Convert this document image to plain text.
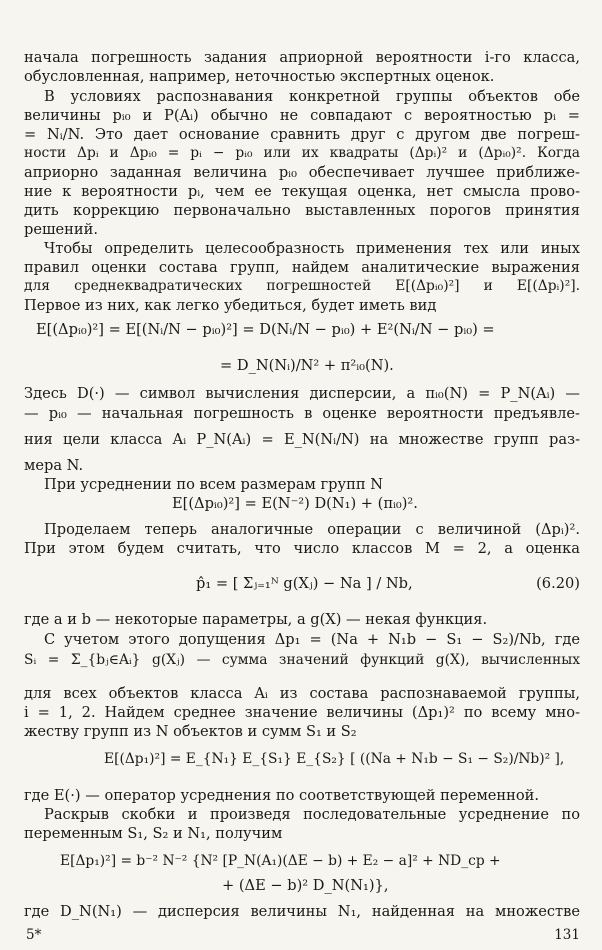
начала погрешность задания априорной вероятности i-го класса,
обусловленная, например, неточностью экспертных оценок.
В условиях распознавания конкретной группы объектов обе
величины pᵢ₀ и P(Aᵢ) обычно не совпадают с вероятностью pᵢ =
= Nᵢ/N. Это дает основание сравнить друг с другом две погреш-
ности Δpᵢ и Δpᵢ₀ = pᵢ − pᵢ₀ или их квадраты (Δpᵢ)² и (Δpᵢ₀)². Когда
априорно заданная величина pᵢ₀ обеспечивает лучшее приближе-
ние к вероятности pᵢ, чем ее текущая оценка, нет смысла прово-
дить коррекцию первоначально выставленных порогов принятия
решений.
Чтобы определить целесообразность применения тех или иных
правил оценки состава групп, найдем аналитические выражения
для среднеквадратических погрешностей E[(Δpᵢ₀)²] и E[(Δpᵢ)²].
Первое из них, как легко убедиться, будет иметь вид
E[(Δpᵢ₀)²] = E[(Nᵢ/N − pᵢ₀)²] = D(Nᵢ/N − pᵢ₀) + E²(Nᵢ/N − pᵢ₀) =
= D_N(Nᵢ)/N² + π²ᵢ₀(N).
Здесь D(·) — символ вычисления дисперсии, а πᵢ₀(N) = P_N(Aᵢ) —
— pᵢ₀ — начальная погрешность в оценке вероятности предъявле-
ния цели класса Aᵢ P_N(Aᵢ) = E_N(Nᵢ/N) на множестве групп раз-
мера N.
При усреднении по всем размерам групп N
E[(Δpᵢ₀)²] = E(N⁻²) D(N₁) + (πᵢ₀)².
Проделаем теперь аналогичные операции с величиной (Δpᵢ)².
При этом будем считать, что число классов M = 2, а оценка
p̂₁ = [ Σⱼ₌₁ᴺ g(Xⱼ) − Na ] / Nb,	(6.20)
где a и b — некоторые параметры, а g(X) — некая функция.
С учетом этого допущения Δp₁ = (Na + N₁b − S₁ − S₂)/Nb, где
Sᵢ = Σ_{bⱼ∈Aᵢ} g(Xⱼ) — сумма значений функций g(X), вычисленных
для всех объектов класса Aᵢ из состава распознаваемой группы,
i = 1, 2. Найдем среднее значение величины (Δp₁)² по всему мно-
жеству групп из N объектов и сумм S₁ и S₂
E[(Δp₁)²] = E_{N₁} E_{S₁} E_{S₂} [ ((Na + N₁b − S₁ − S₂)/Nb)² ],
где E(·) — оператор усреднения по соответствующей переменной.
Раскрыв скобки и произведя последовательные усреднение по
переменным S₁, S₂ и N₁, получим
E[Δp₁)²] = b⁻² N⁻² {N² [P_N(A₁)(ΔE − b) + E₂ − a]² + ND_cp +
+ (ΔE − b)² D_N(N₁)},
где D_N(N₁) — дисперсия величины N₁, найденная на множестве
5*	131
